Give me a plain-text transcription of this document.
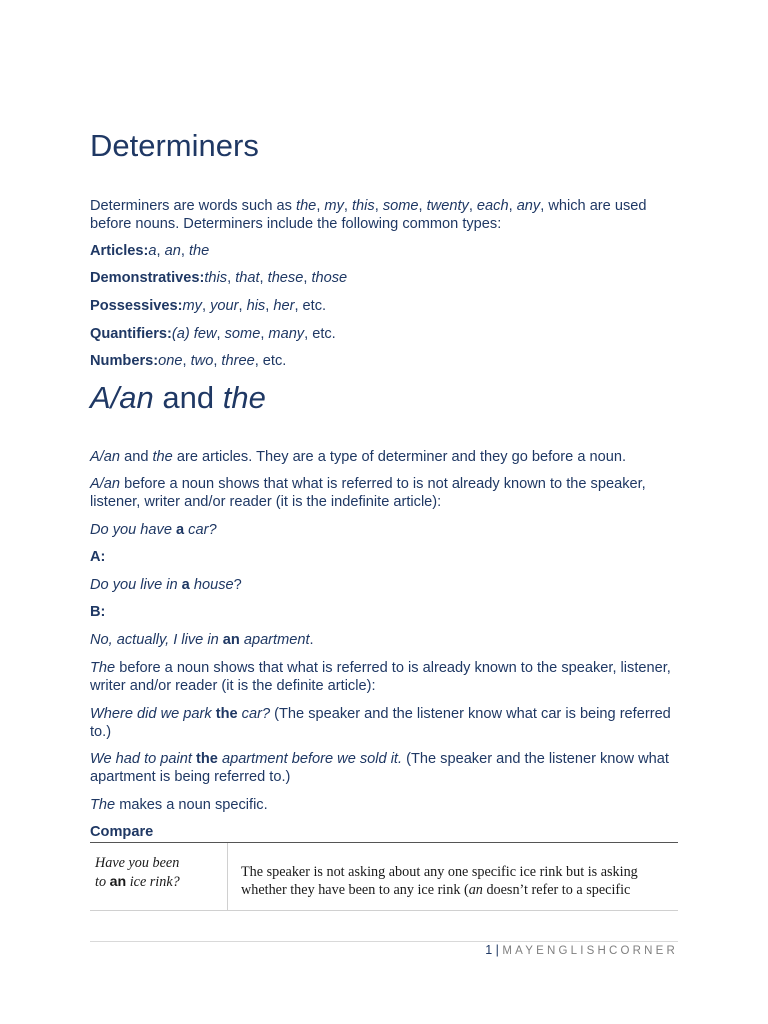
Determiners

Determiners are words such as the, my, this, some, twenty, each, any, which are used before nouns. Determiners include the following common types:

Articles:a, an, the

Demonstratives:this, that, these, those

Possessives:my, your, his, her, etc.

Quantifiers:(a) few, some, many, etc.

Numbers:one, two, three, etc.

A/an and the

A/an and the are articles. They are a type of determiner and they go before a noun.

A/an before a noun shows that what is referred to is not already known to the speaker, listener, writer and/or reader (it is the indefinite article):

Do you have a car?

A:

Do you live in a house?

B:

No, actually, I live in an apartment.

The before a noun shows that what is referred to is already known to the speaker, listener, writer and/or reader (it is the definite article):

Where did we park the car? (The speaker and the listener know what car is being referred to.)

We had to paint the apartment before we sold it. (The speaker and the listener know what apartment is being referred to.)

The makes a noun specific.

Compare
Have you been
to an ice rink?
The speaker is not asking about any one specific ice rink but is asking whether they have been to any ice rink (an doesn’t refer to a specific
1 | MAYENGLISHCORNER
